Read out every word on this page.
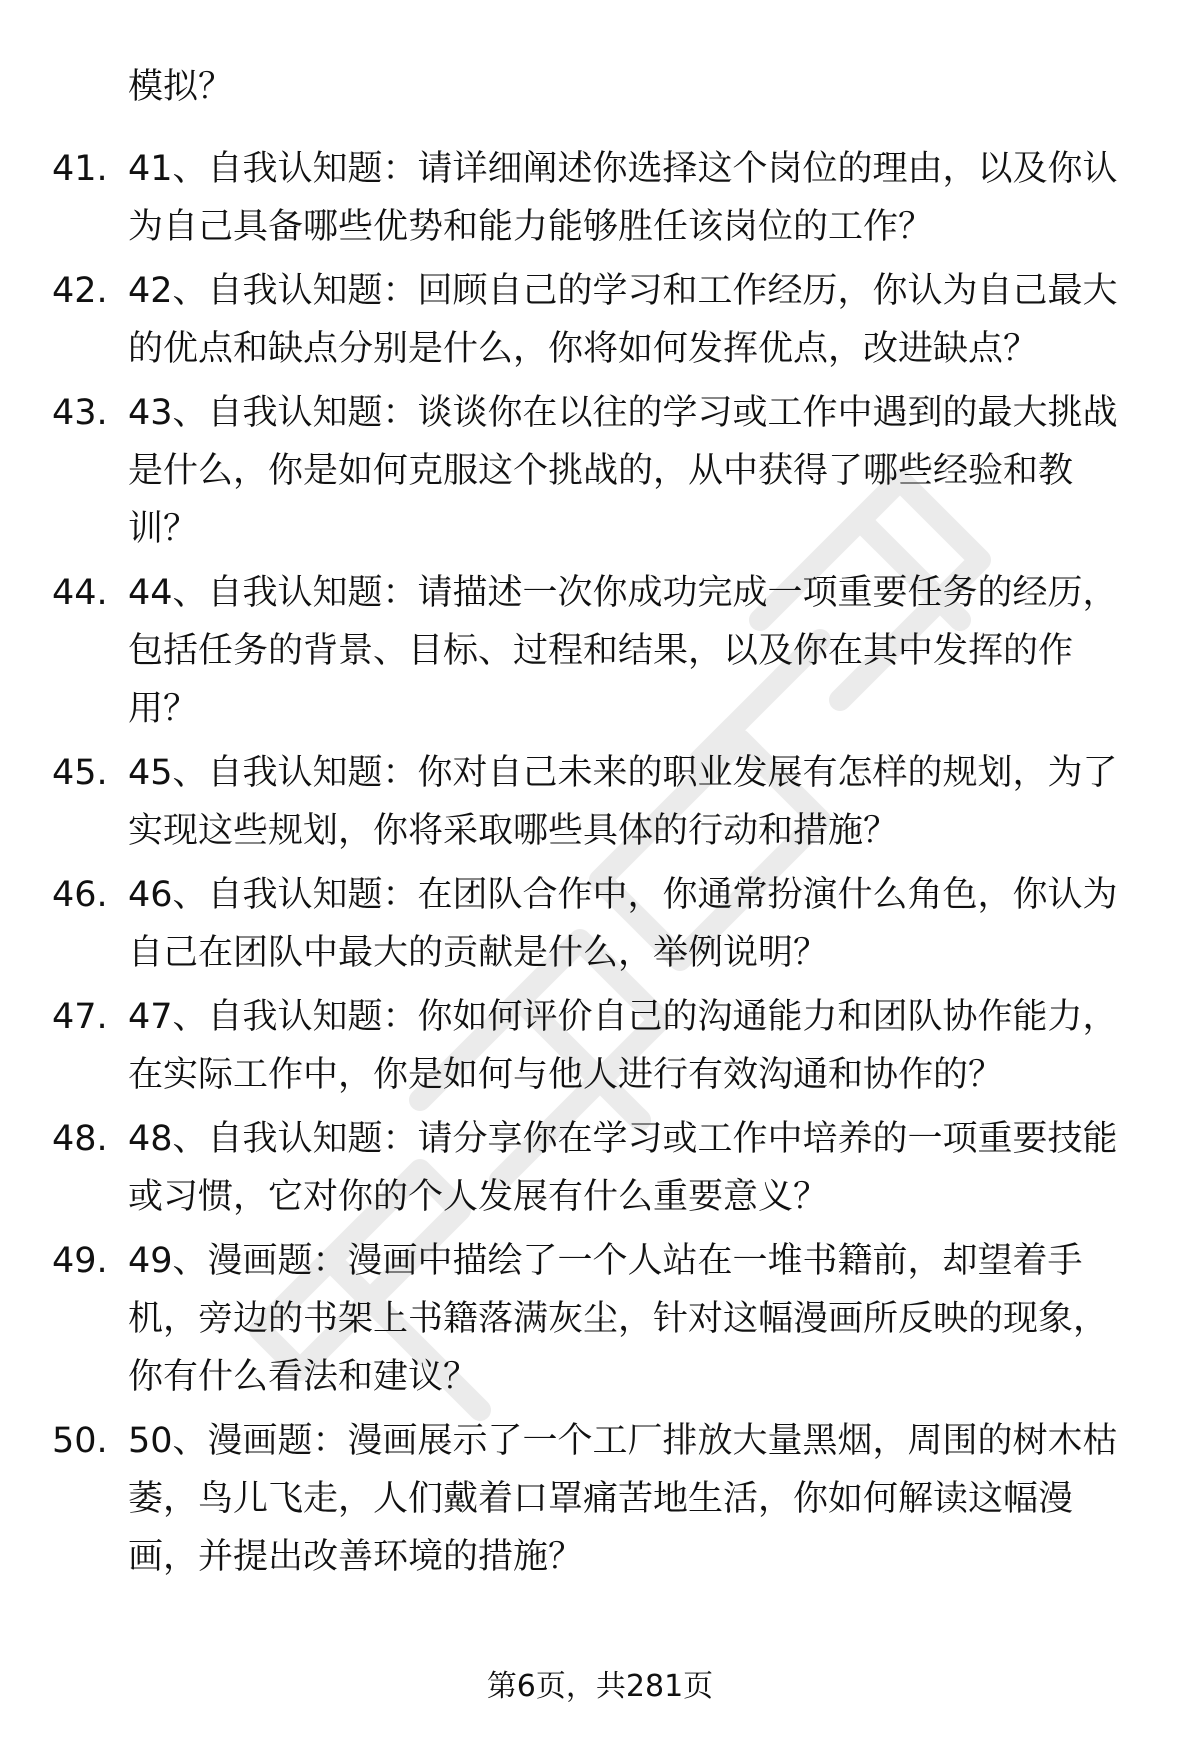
模拟？
41. 41、自我认知题：请详细阐述你选择这个岗位的理由，以及你认为自己具备哪些优势和能力能够胜任该岗位的工作？
42. 42、自我认知题：回顾自己的学习和工作经历，你认为自己最大的优点和缺点分别是什么，你将如何发挥优点，改进缺点？
43. 43、自我认知题：谈谈你在以往的学习或工作中遇到的最大挑战是什么，你是如何克服这个挑战的，从中获得了哪些经验和教训？
44. 44、自我认知题：请描述一次你成功完成一项重要任务的经历，包括任务的背景、目标、过程和结果，以及你在其中发挥的作用？
45. 45、自我认知题：你对自己未来的职业发展有怎样的规划，为了实现这些规划，你将采取哪些具体的行动和措施？
46. 46、自我认知题：在团队合作中，你通常扮演什么角色，你认为自己在团队中最大的贡献是什么，举例说明？
47. 47、自我认知题：你如何评价自己的沟通能力和团队协作能力，在实际工作中，你是如何与他人进行有效沟通和协作的？
48. 48、自我认知题：请分享你在学习或工作中培养的一项重要技能或习惯，它对你的个人发展有什么重要意义？
49. 49、漫画题：漫画中描绘了一个人站在一堆书籍前，却望着手机，旁边的书架上书籍落满灰尘，针对这幅漫画所反映的现象，你有什么看法和建议？
50. 50、漫画题：漫画展示了一个工厂排放大量黑烟，周围的树木枯萎，鸟儿飞走，人们戴着口罩痛苦地生活，你如何解读这幅漫画，并提出改善环境的措施？
第6页，共281页
